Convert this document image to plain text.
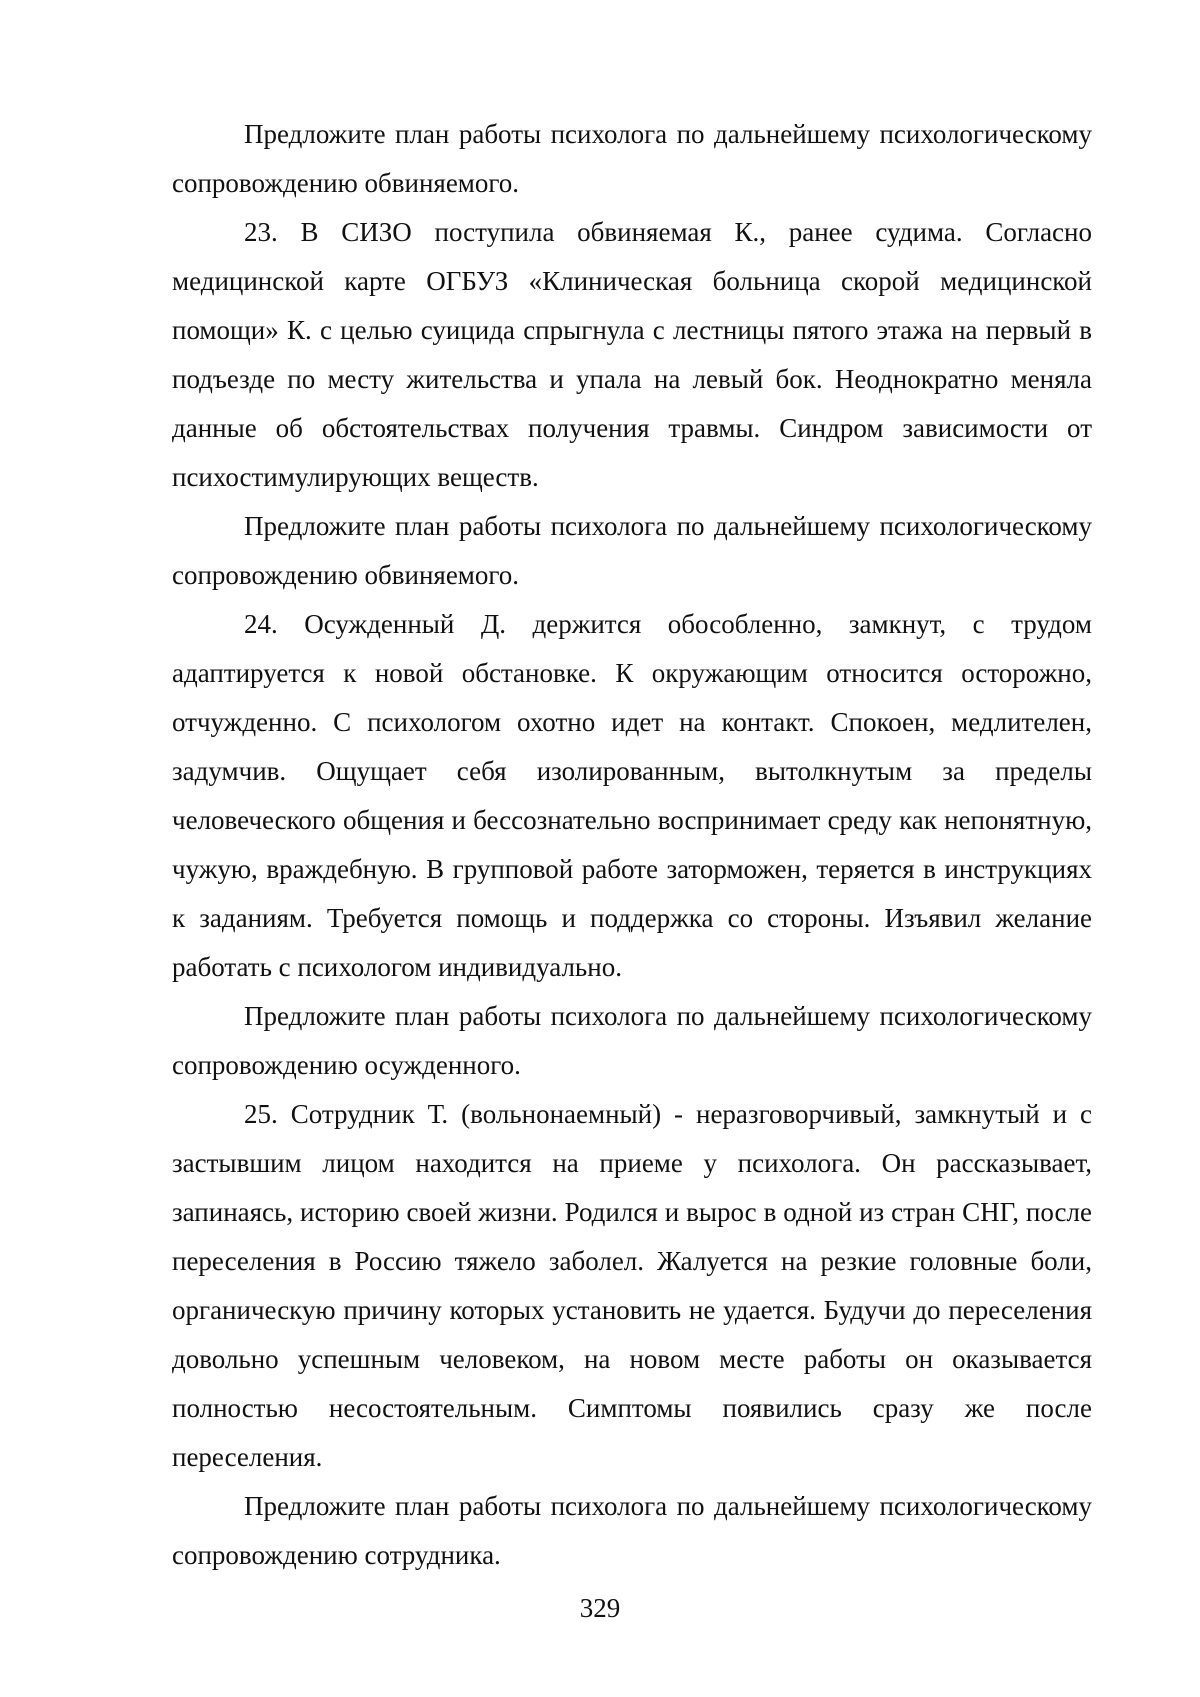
Предложите план работы психолога по дальнейшему психологическому сопровождению обвиняемого.

23. В СИЗО поступила обвиняемая К., ранее судима. Согласно медицинской карте ОГБУЗ «Клиническая больница скорой медицинской помощи» К. с целью суицида спрыгнула с лестницы пятого этажа на первый в подъезде по месту жительства и упала на левый бок. Неоднократно меняла данные об обстоятельствах получения травмы. Синдром зависимости от психостимулирующих веществ.

Предложите план работы психолога по дальнейшему психологическому сопровождению обвиняемого.

24. Осужденный Д. держится обособленно, замкнут, с трудом адаптируется к новой обстановке. К окружающим относится осторожно, отчужденно. С психологом охотно идет на контакт. Спокоен, медлителен, задумчив. Ощущает себя изолированным, вытолкнутым за пределы человеческого общения и бессознательно воспринимает среду как непонятную, чужую, враждебную. В групповой работе заторможен, теряется в инструкциях к заданиям. Требуется помощь и поддержка со стороны. Изъявил желание работать с психологом индивидуально.

Предложите план работы психолога по дальнейшему психологическому сопровождению осужденного.

25. Сотрудник Т. (вольнонаемный) - неразговорчивый, замкнутый и с застывшим лицом находится на приеме у психолога. Он рассказывает, запинаясь, историю своей жизни. Родился и вырос в одной из стран СНГ, после переселения в Россию тяжело заболел. Жалуется на резкие головные боли, органическую причину которых установить не удается. Будучи до переселения довольно успешным человеком, на новом месте работы он оказывается полностью несостоятельным. Симптомы появились сразу же после переселения.

Предложите план работы психолога по дальнейшему психологическому сопровождению сотрудника.

329
